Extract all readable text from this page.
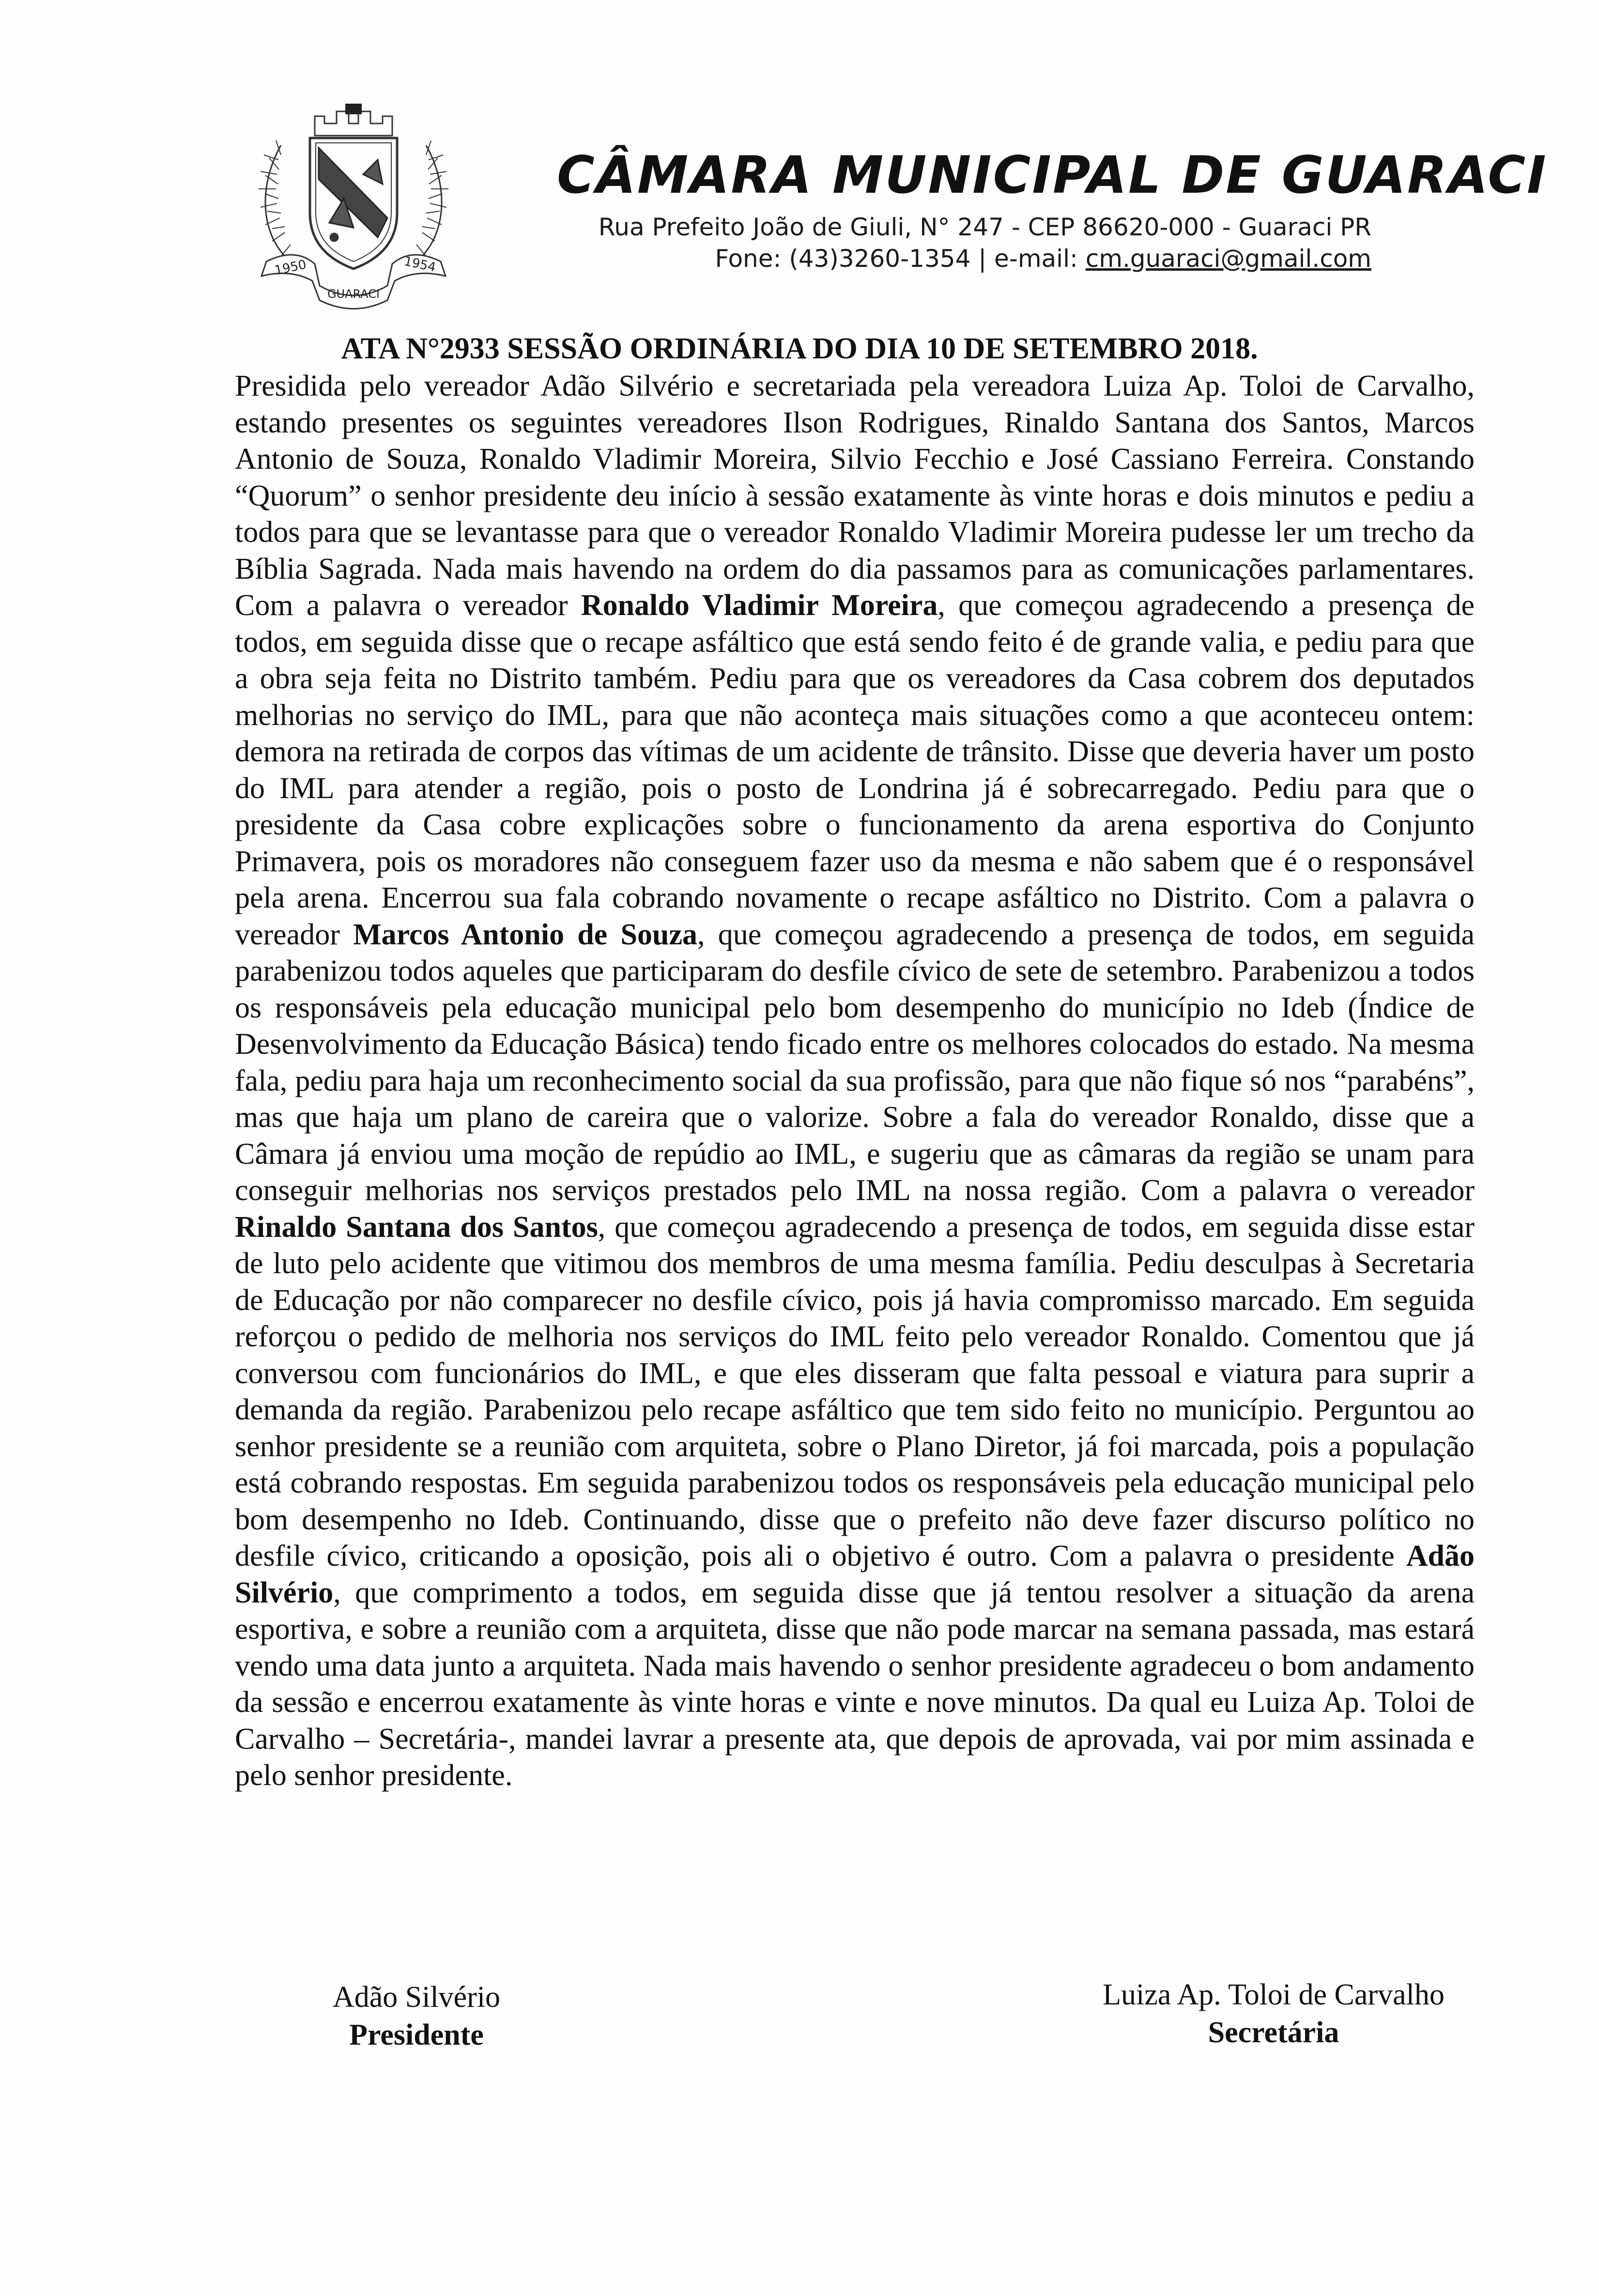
1950	1954
GUARACI
CÂMARA MUNICIPAL DE GUARACI
Rua Prefeito João de Giuli, N° 247 - CEP 86620-000 - Guaraci PR
Fone: (43)3260-1354 | e-mail: cm.guaraci@gmail.com
ATA N°2933 SESSÃO ORDINÁRIA DO DIA 10 DE SETEMBRO 2018.
Presidida pelo vereador Adão Silvério e secretariada pela vereadora Luiza Ap. Toloi de Carvalho, estando presentes os seguintes vereadores Ilson Rodrigues, Rinaldo Santana dos Santos, Marcos Antonio de Souza, Ronaldo Vladimir Moreira, Silvio Fecchio e José Cassiano Ferreira. Constando “Quorum” o senhor presidente deu início à sessão exatamente às vinte horas e dois minutos e pediu a todos para que se levantasse para que o vereador Ronaldo Vladimir Moreira pudesse ler um trecho da Bíblia Sagrada. Nada mais havendo na ordem do dia passamos para as comunicações parlamentares. Com a palavra o vereador Ronaldo Vladimir Moreira, que começou agradecendo a presença de todos, em seguida disse que o recape asfáltico que está sendo feito é de grande valia, e pediu para que a obra seja feita no Distrito também. Pediu para que os vereadores da Casa cobrem dos deputados melhorias no serviço do IML, para que não aconteça mais situações como a que aconteceu ontem: demora na retirada de corpos das vítimas de um acidente de trânsito. Disse que deveria haver um posto do IML para atender a região, pois o posto de Londrina já é sobrecarregado. Pediu para que o presidente da Casa cobre explicações sobre o funcionamento da arena esportiva do Conjunto Primavera, pois os moradores não conseguem fazer uso da mesma e não sabem que é o responsável pela arena. Encerrou sua fala cobrando novamente o recape asfáltico no Distrito. Com a palavra o vereador Marcos Antonio de Souza, que começou agradecendo a presença de todos, em seguida parabenizou todos aqueles que participaram do desfile cívico de sete de setembro. Parabenizou a todos os responsáveis pela educação municipal pelo bom desempenho do município no Ideb (Índice de Desenvolvimento da Educação Básica) tendo ficado entre os melhores colocados do estado. Na mesma fala, pediu para haja um reconhecimento social da sua profissão, para que não fique só nos “parabéns”, mas que haja um plano de careira que o valorize. Sobre a fala do vereador Ronaldo, disse que a Câmara já enviou uma moção de repúdio ao IML, e sugeriu que as câmaras da região se unam para conseguir melhorias nos serviços prestados pelo IML na nossa região. Com a palavra o vereador Rinaldo Santana dos Santos, que começou agradecendo a presença de todos, em seguida disse estar de luto pelo acidente que vitimou dos membros de uma mesma família. Pediu desculpas à Secretaria de Educação por não comparecer no desfile cívico, pois já havia compromisso marcado. Em seguida reforçou o pedido de melhoria nos serviços do IML feito pelo vereador Ronaldo. Comentou que já conversou com funcionários do IML, e que eles disseram que falta pessoal e viatura para suprir a demanda da região. Parabenizou pelo recape asfáltico que tem sido feito no município. Perguntou ao senhor presidente se a reunião com arquiteta, sobre o Plano Diretor, já foi marcada, pois a população está cobrando respostas. Em seguida parabenizou todos os responsáveis pela educação municipal pelo bom desempenho no Ideb. Continuando, disse que o prefeito não deve fazer discurso político no desfile cívico, criticando a oposição, pois ali o objetivo é outro. Com a palavra o presidente Adão Silvério, que comprimento a todos, em seguida disse que já tentou resolver a situação da arena esportiva, e sobre a reunião com a arquiteta, disse que não pode marcar na semana passada, mas estará vendo uma data junto a arquiteta. Nada mais havendo o senhor presidente agradeceu o bom andamento da sessão e encerrou exatamente às vinte horas e vinte e nove minutos. Da qual eu Luiza Ap. Toloi de Carvalho – Secretária-, mandei lavrar a presente ata, que depois de aprovada, vai por mim assinada e pelo senhor presidente.
Adão Silvério
Presidente
Luiza Ap. Toloi de Carvalho
Secretária
